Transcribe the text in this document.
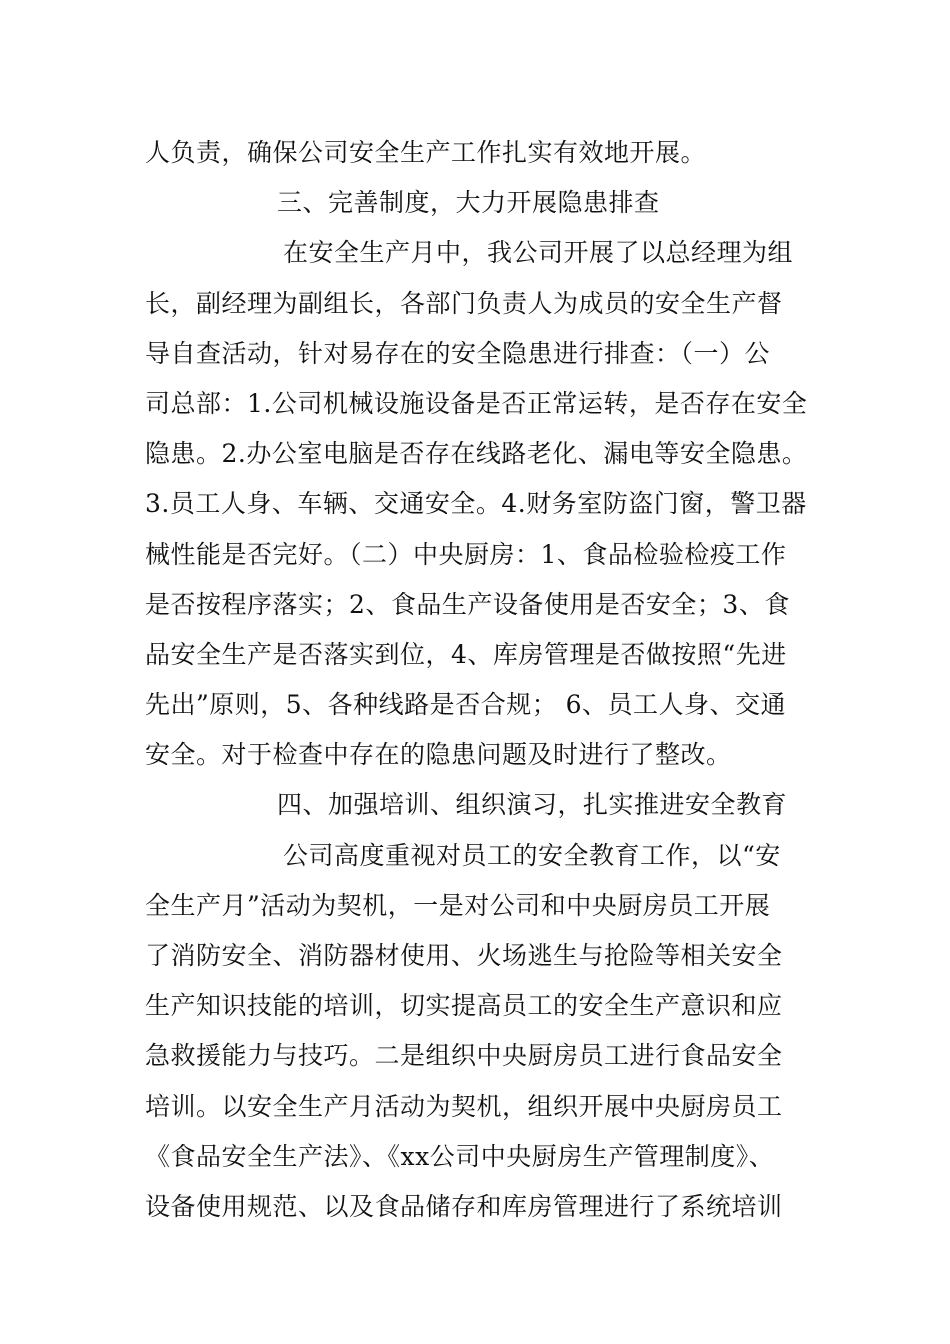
人负责，确保公司安全生产工作扎实有效地开展。
三、完善制度，大力开展隐患排查
在安全生产月中，我公司开展了以总经理为组
长，副经理为副组长，各部门负责人为成员的安全生产督
导自查活动，针对易存在的安全隐患进行排查：（一）公
司总部：1.公司机械设施设备是否正常运转，是否存在安全
隐患。2.办公室电脑是否存在线路老化、漏电等安全隐患。
3.员工人身、车辆、交通安全。4.财务室防盗门窗，警卫器
械性能是否完好。（二）中央厨房：1、食品检验检疫工作
是否按程序落实；2、食品生产设备使用是否安全；3、食
品安全生产是否落实到位，4、库房管理是否做按照“先进
先出”原则，5、各种线路是否合规； 6、员工人身、交通
安全。对于检查中存在的隐患问题及时进行了整改。
四、加强培训、组织演习，扎实推进安全教育
公司高度重视对员工的安全教育工作，以“安
全生产月”活动为契机，一是对公司和中央厨房员工开展
了消防安全、消防器材使用、火场逃生与抢险等相关安全
生产知识技能的培训，切实提高员工的安全生产意识和应
急救援能力与技巧。二是组织中央厨房员工进行食品安全
培训。以安全生产月活动为契机，组织开展中央厨房员工
《食品安全生产法》、《xx公司中央厨房生产管理制度》、
设备使用规范、以及食品储存和库房管理进行了系统培训
